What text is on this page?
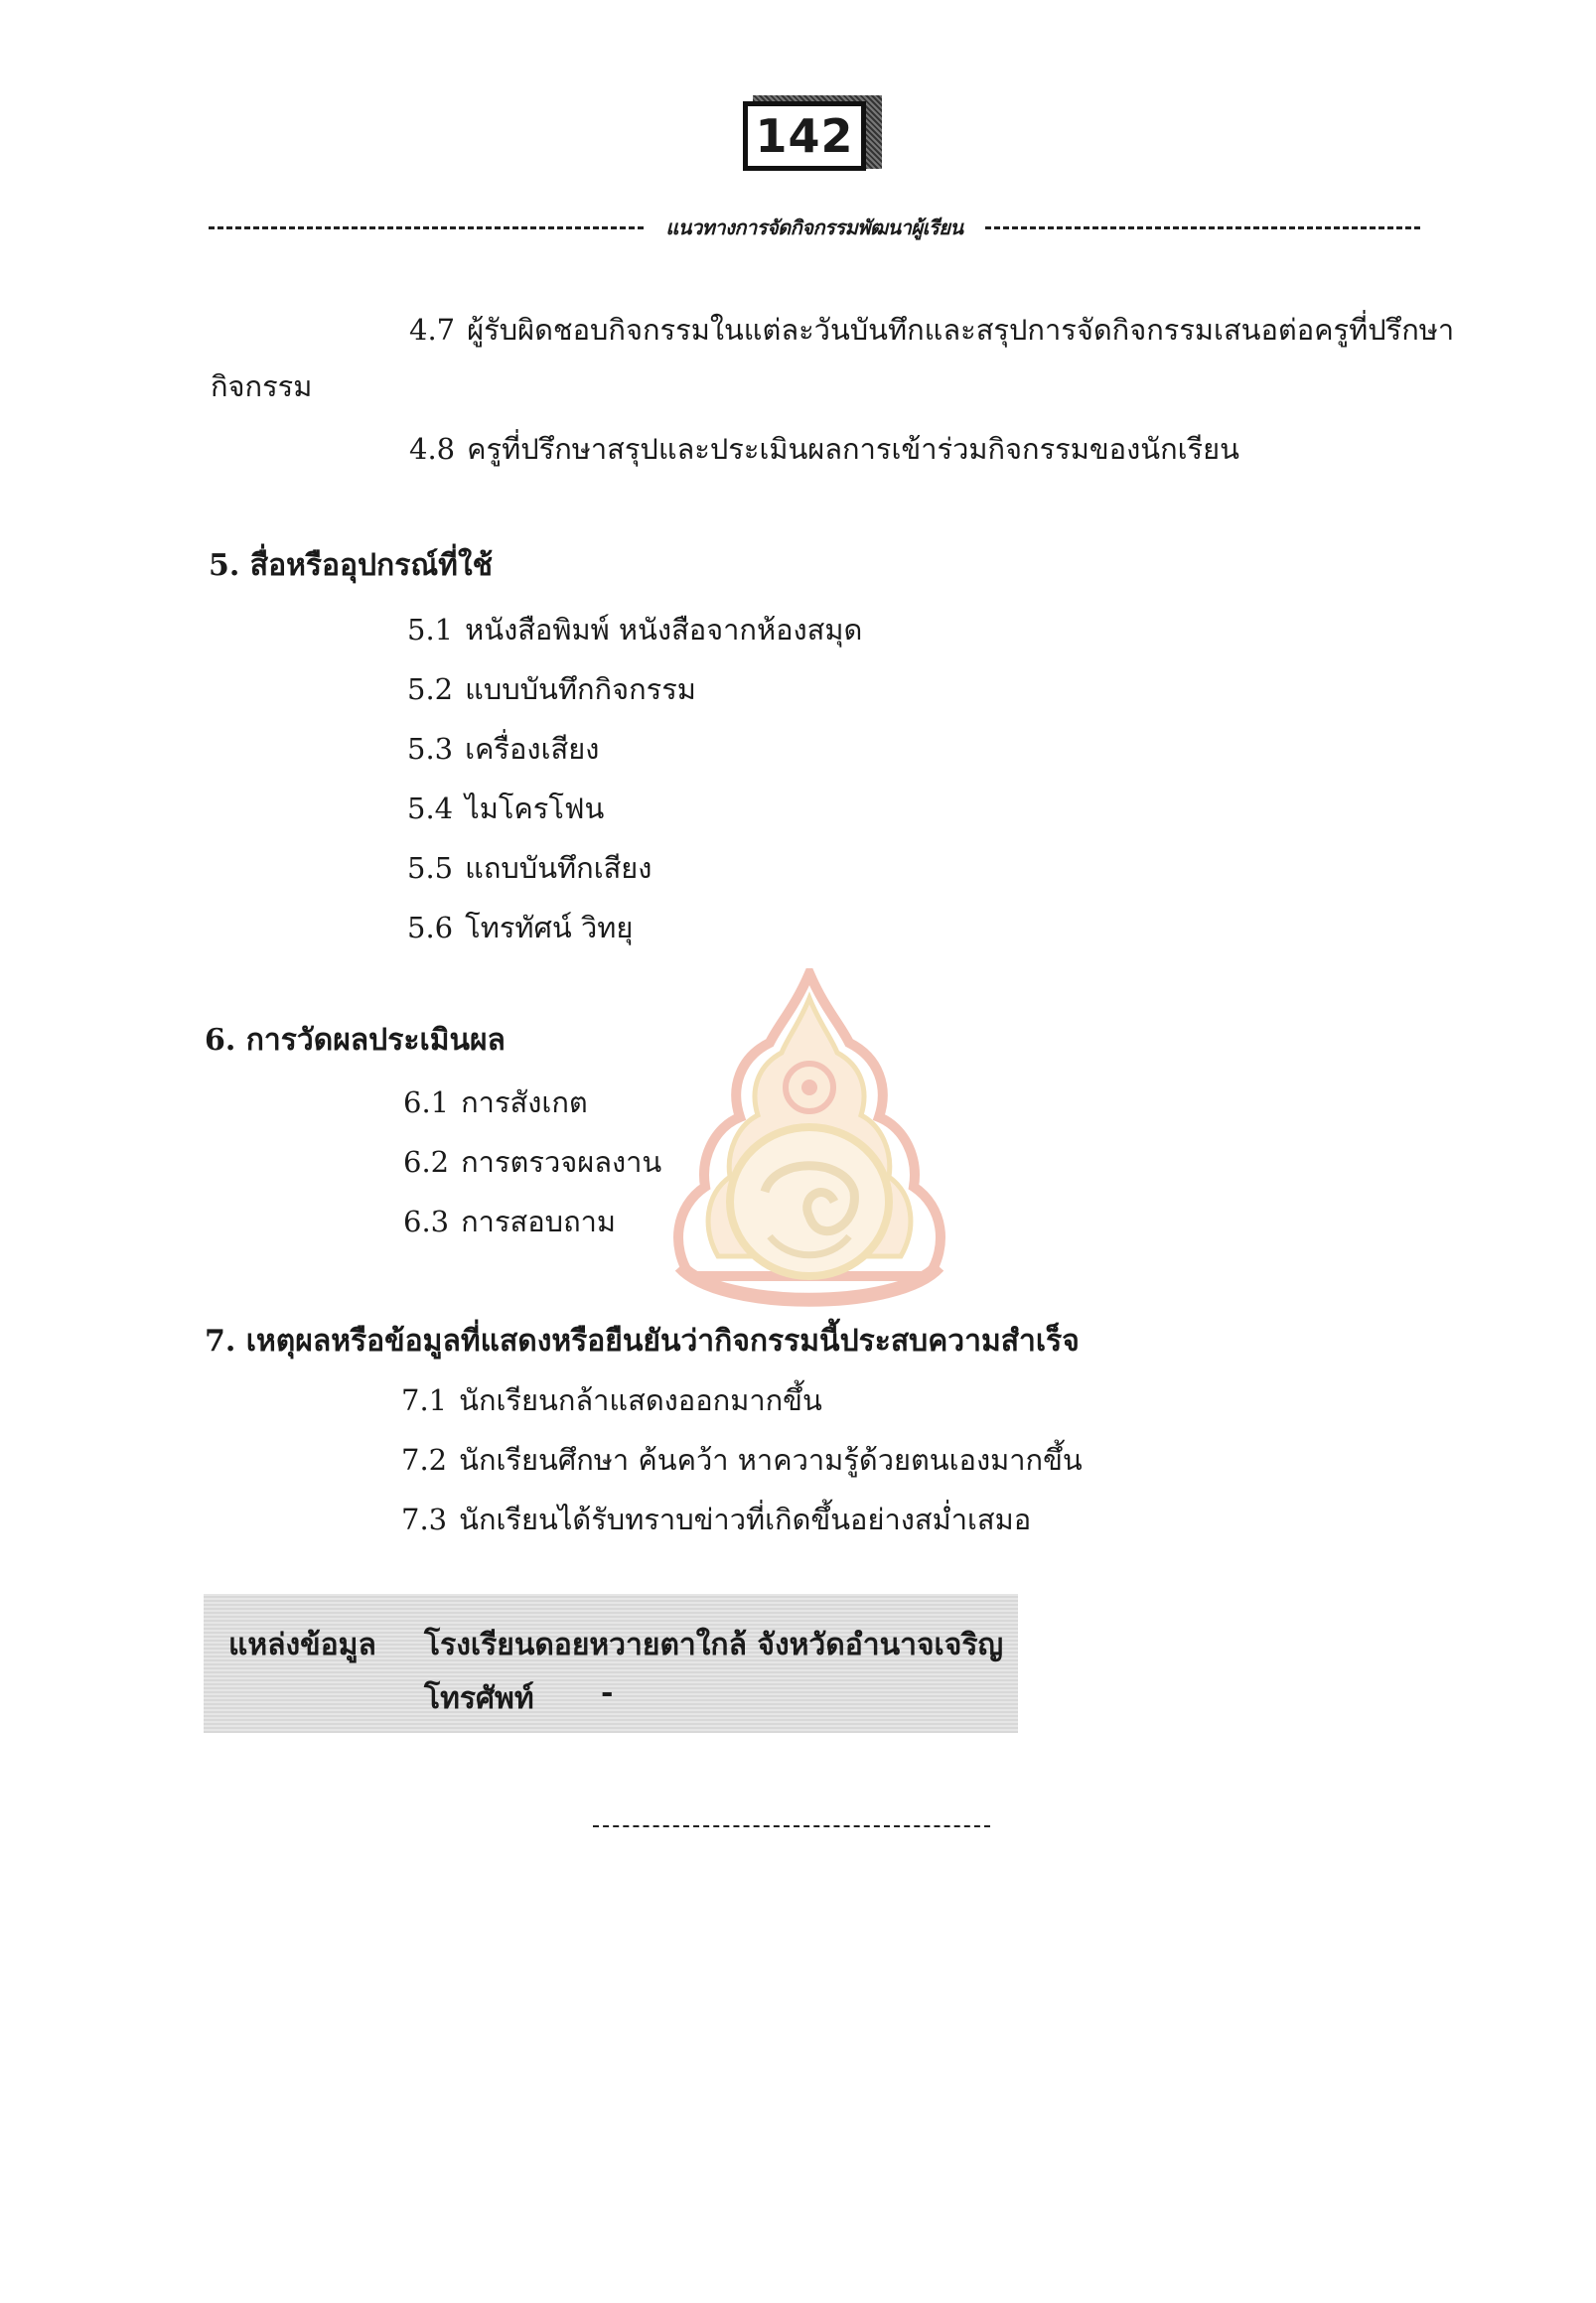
142
แนวทางการจัดกิจกรรมพัฒนาผู้เรียน
4.7 ผู้รับผิดชอบกิจกรรมในแต่ละวันบันทึกและสรุปการจัดกิจกรรมเสนอต่อครูที่ปรึกษา
กิจกรรม
4.8 ครูที่ปรึกษาสรุปและประเมินผลการเข้าร่วมกิจกรรมของนักเรียน
5. สื่อหรืออุปกรณ์ที่ใช้
5.1 หนังสือพิมพ์ หนังสือจากห้องสมุด
5.2 แบบบันทึกกิจกรรม
5.3 เครื่องเสียง
5.4 ไมโครโฟน
5.5 แถบบันทึกเสียง
5.6 โทรทัศน์ วิทยุ
6. การวัดผลประเมินผล
6.1 การสังเกต
6.2 การตรวจผลงาน
6.3 การสอบถาม
7. เหตุผลหรือข้อมูลที่แสดงหรือยืนยันว่ากิจกรรมนี้ประสบความสำเร็จ
7.1 นักเรียนกล้าแสดงออกมากขึ้น
7.2 นักเรียนศึกษา ค้นคว้า หาความรู้ด้วยตนเองมากขึ้น
7.3 นักเรียนได้รับทราบข่าวที่เกิดขึ้นอย่างสม่ำเสมอ
แหล่งข้อมูล โรงเรียนดอยหวายตาใกล้ จังหวัดอำนาจเจริญ
โทรศัพท์ -
